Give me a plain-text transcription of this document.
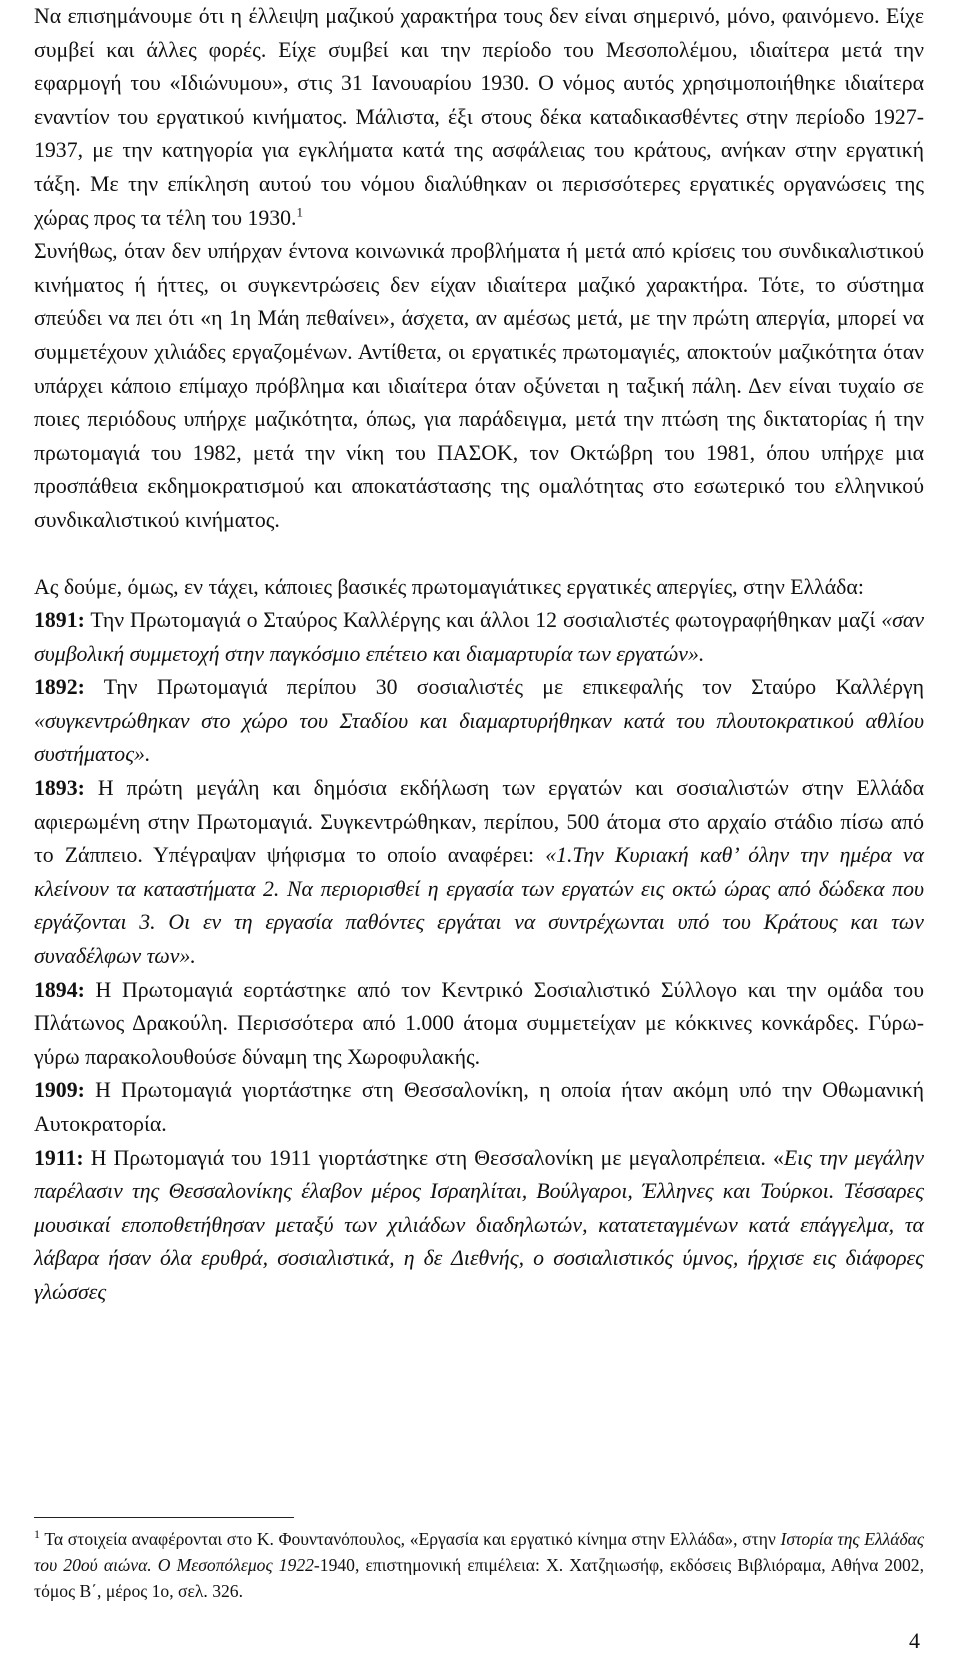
Να επισημάνουμε ότι η έλλειψη μαζικού χαρακτήρα τους δεν είναι σημερινό, μόνο, φαινόμενο. Είχε συμβεί και άλλες φορές. Είχε συμβεί και την περίοδο του Μεσοπολέμου, ιδιαίτερα μετά την εφαρμογή του «Ιδιώνυμου», στις 31 Ιανουαρίου 1930. Ο νόμος αυτός χρησιμοποιήθηκε ιδιαίτερα εναντίον του εργατικού κινήματος. Μάλιστα, έξι στους δέκα καταδικασθέντες στην περίοδο 1927-1937, με την κατηγορία για εγκλήματα κατά της ασφάλειας του κράτους, ανήκαν στην εργατική τάξη. Με την επίκληση αυτού του νόμου διαλύθηκαν οι περισσότερες εργατικές οργανώσεις της χώρας προς τα τέλη του 1930.$^1$

Συνήθως, όταν δεν υπήρχαν έντονα κοινωνικά προβλήματα ή μετά από κρίσεις του συνδικαλιστικού κινήματος ή ήττες, οι συγκεντρώσεις δεν είχαν ιδιαίτερα μαζικό χαρακτήρα. Τότε, το σύστημα σπεύδει να πει ότι «η 1η Μάη πεθαίνει», άσχετα, αν αμέσως μετά, με την πρώτη απεργία, μπορεί να συμμετέχουν χιλιάδες εργαζομένων. Αντίθετα, οι εργατικές πρωτομαγιές, αποκτούν μαζικότητα όταν υπάρχει κάποιο επίμαχο πρόβλημα και ιδιαίτερα όταν οξύνεται η ταξική πάλη. Δεν είναι τυχαίο σε ποιες περιόδους υπήρχε μαζικότητα, όπως, για παράδειγμα, μετά την πτώση της δικτατορίας ή την πρωτομαγιά του 1982, μετά την νίκη του ΠΑΣΟΚ, τον Οκτώβρη του 1981, όπου υπήρχε μια προσπάθεια εκδημοκρατισμού και αποκατάστασης της ομαλότητας στο εσωτερικό του ελληνικού συνδικαλιστικού κινήματος.

Ας δούμε, όμως, εν τάχει, κάποιες βασικές πρωτομαγιάτικες εργατικές απεργίες, στην Ελλάδα:

1891: Την Πρωτομαγιά ο Σταύρος Καλλέργης και άλλοι 12 σοσιαλιστές φωτογραφήθηκαν μαζί «σαν συμβολική συμμετοχή στην παγκόσμιο επέτειο και διαμαρτυρία των εργατών».

1892: Την Πρωτομαγιά περίπου 30 σοσιαλιστές με επικεφαλής τον Σταύρο Καλλέργη «συγκεντρώθηκαν στο χώρο του Σταδίου και διαμαρτυρήθηκαν κατά του πλουτοκρατικού αθλίου συστήματος».

1893: Η πρώτη μεγάλη και δημόσια εκδήλωση των εργατών και σοσιαλιστών στην Ελλάδα αφιερωμένη στην Πρωτομαγιά. Συγκεντρώθηκαν, περίπου, 500 άτομα στο αρχαίο στάδιο πίσω από το Ζάππειο. Υπέγραψαν ψήφισμα το οποίο αναφέρει: «1.Την Κυριακή καθ’ όλην την ημέρα να κλείνουν τα καταστήματα 2. Να περιορισθεί η εργασία των εργατών εις οκτώ ώρας από δώδεκα που εργάζονται 3. Οι εν τη εργασία παθόντες εργάται να συντρέχωνται υπό του Κράτους και των συναδέλφων των».

1894: Η Πρωτομαγιά εορτάστηκε από τον Κεντρικό Σοσιαλιστικό Σύλλογο και την ομάδα του Πλάτωνος Δρακούλη. Περισσότερα από 1.000 άτομα συμμετείχαν με κόκκινες κονκάρδες. Γύρω-γύρω παρακολουθούσε δύναμη της Χωροφυλακής.

1909: Η Πρωτομαγιά γιορτάστηκε στη Θεσσαλονίκη, η οποία ήταν ακόμη υπό την Οθωμανική Αυτοκρατορία.

1911: Η Πρωτομαγιά του 1911 γιορτάστηκε στη Θεσσαλονίκη με μεγαλοπρέπεια. «Εις την μεγάλην παρέλασιν της Θεσσαλονίκης έλαβον μέρος Ισραηλίται, Βούλγαροι, Έλληνες και Τούρκοι. Τέσσαρες μουσικαί εποποθετήθησαν μεταξύ των χιλιάδων διαδηλωτών, κατατεταγμένων κατά επάγγελμα, τα λάβαρα ήσαν όλα ερυθρά, σοσιαλιστικά, η δε Διεθνής, ο σοσιαλιστικός ύμνος, ήρχισε εις διάφορες γλώσσες

$^1$ Τα στοιχεία αναφέρονται στο Κ. Φουντανόπουλος, «Εργασία και εργατικό κίνημα στην Ελλάδα», στην Ιστορία της Ελλάδας του 20ού αιώνα. Ο Μεσοπόλεμος 1922-1940, επιστημονική επιμέλεια: Χ. Χατζηιωσήφ, εκδόσεις Βιβλιόραμα, Αθήνα 2002, τόμος Β΄, μέρος 1ο, σελ. 326.
4
